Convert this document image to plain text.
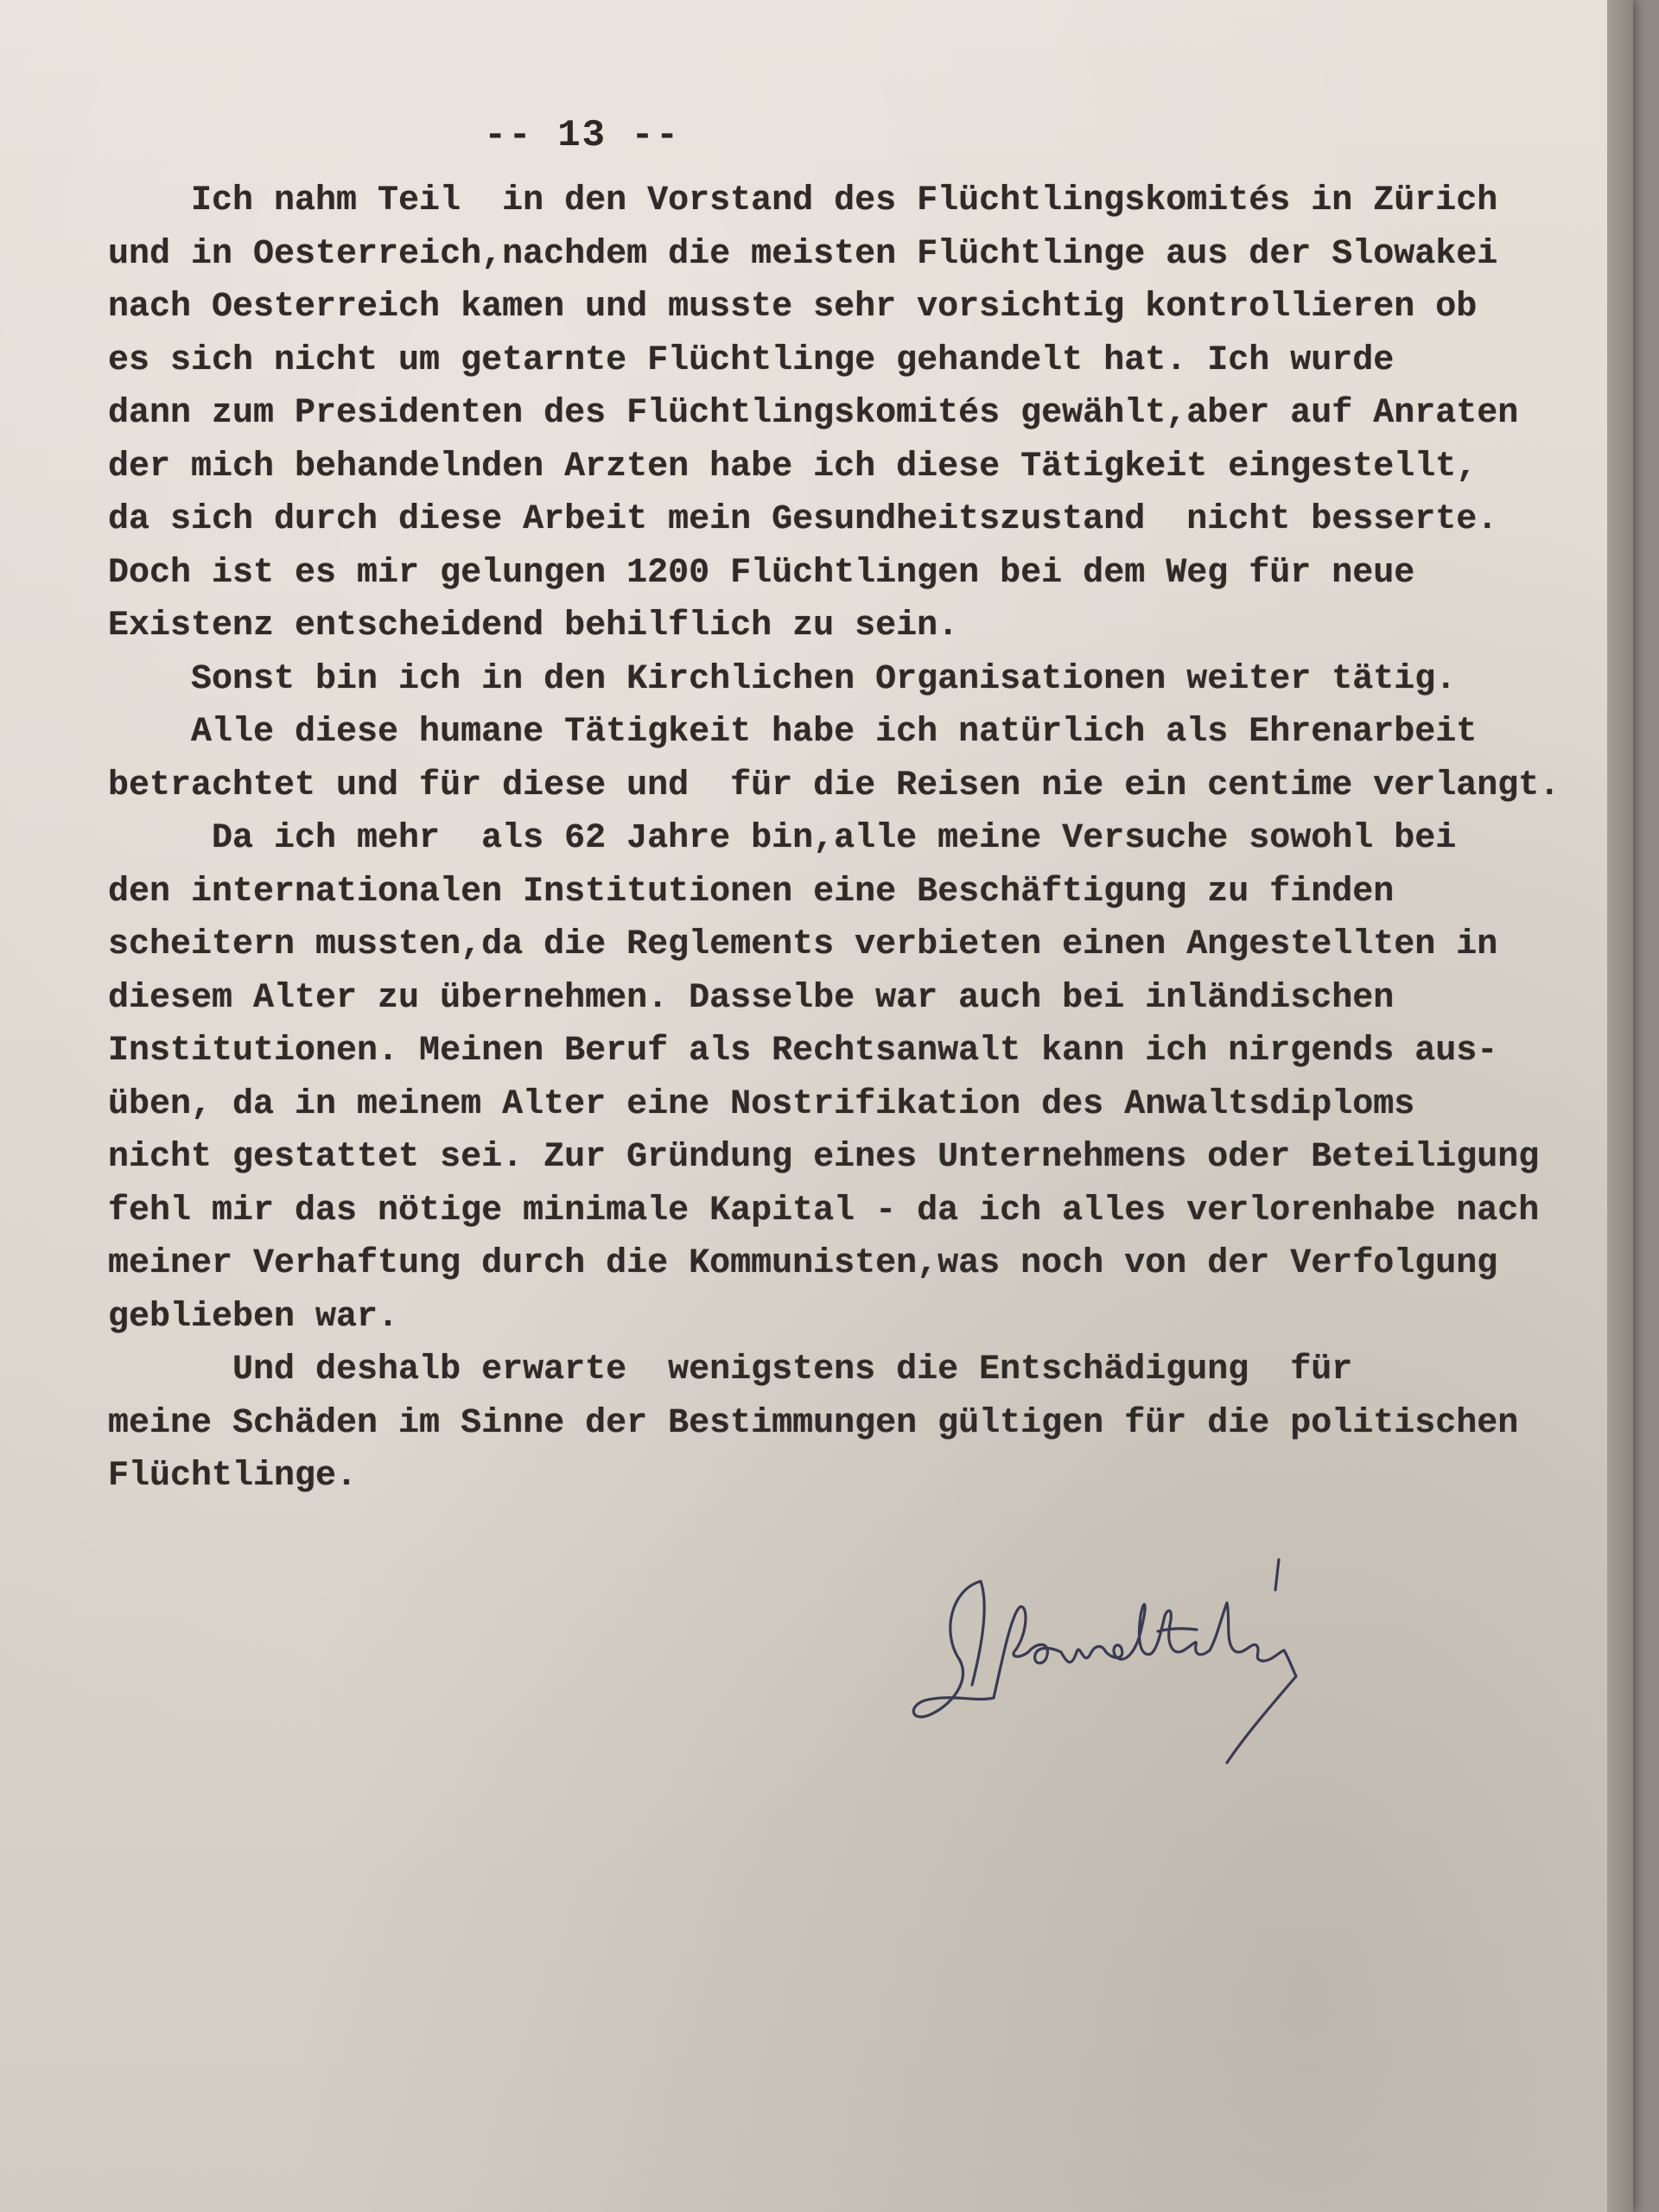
-- 13 --
Ich nahm Teil  in den Vorstand des Flüchtlingskomités in Zürich
und in Oesterreich,nachdem die meisten Flüchtlinge aus der Slowakei
nach Oesterreich kamen und musste sehr vorsichtig kontrollieren ob
es sich nicht um getarnte Flüchtlinge gehandelt hat. Ich wurde
dann zum Presidenten des Flüchtlingskomités gewählt,aber auf Anraten
der mich behandelnden Arzten habe ich diese Tätigkeit eingestellt,
da sich durch diese Arbeit mein Gesundheitszustand  nicht besserte.
Doch ist es mir gelungen 1200 Flüchtlingen bei dem Weg für neue
Existenz entscheidend behilflich zu sein.
Sonst bin ich in den Kirchlichen Organisationen weiter tätig.
Alle diese humane Tätigkeit habe ich natürlich als Ehrenarbeit
betrachtet und für diese und  für die Reisen nie ein centime verlangt.
Da ich mehr  als 62 Jahre bin,alle meine Versuche sowohl bei
den internationalen Institutionen eine Beschäftigung zu finden
scheitern mussten,da die Reglements verbieten einen Angestellten in
diesem Alter zu übernehmen. Dasselbe war auch bei inländischen
Institutionen. Meinen Beruf als Rechtsanwalt kann ich nirgends aus-
üben, da in meinem Alter eine Nostrifikation des Anwaltsdiploms
nicht gestattet sei. Zur Gründung eines Unternehmens oder Beteiligung
fehl mir das nötige minimale Kapital - da ich alles verlorenhabe nach
meiner Verhaftung durch die Kommunisten,was noch von der Verfolgung
geblieben war.
Und deshalb erwarte  wenigstens die Entschädigung  für
meine Schäden im Sinne der Bestimmungen gültigen für die politischen
Flüchtlinge.
